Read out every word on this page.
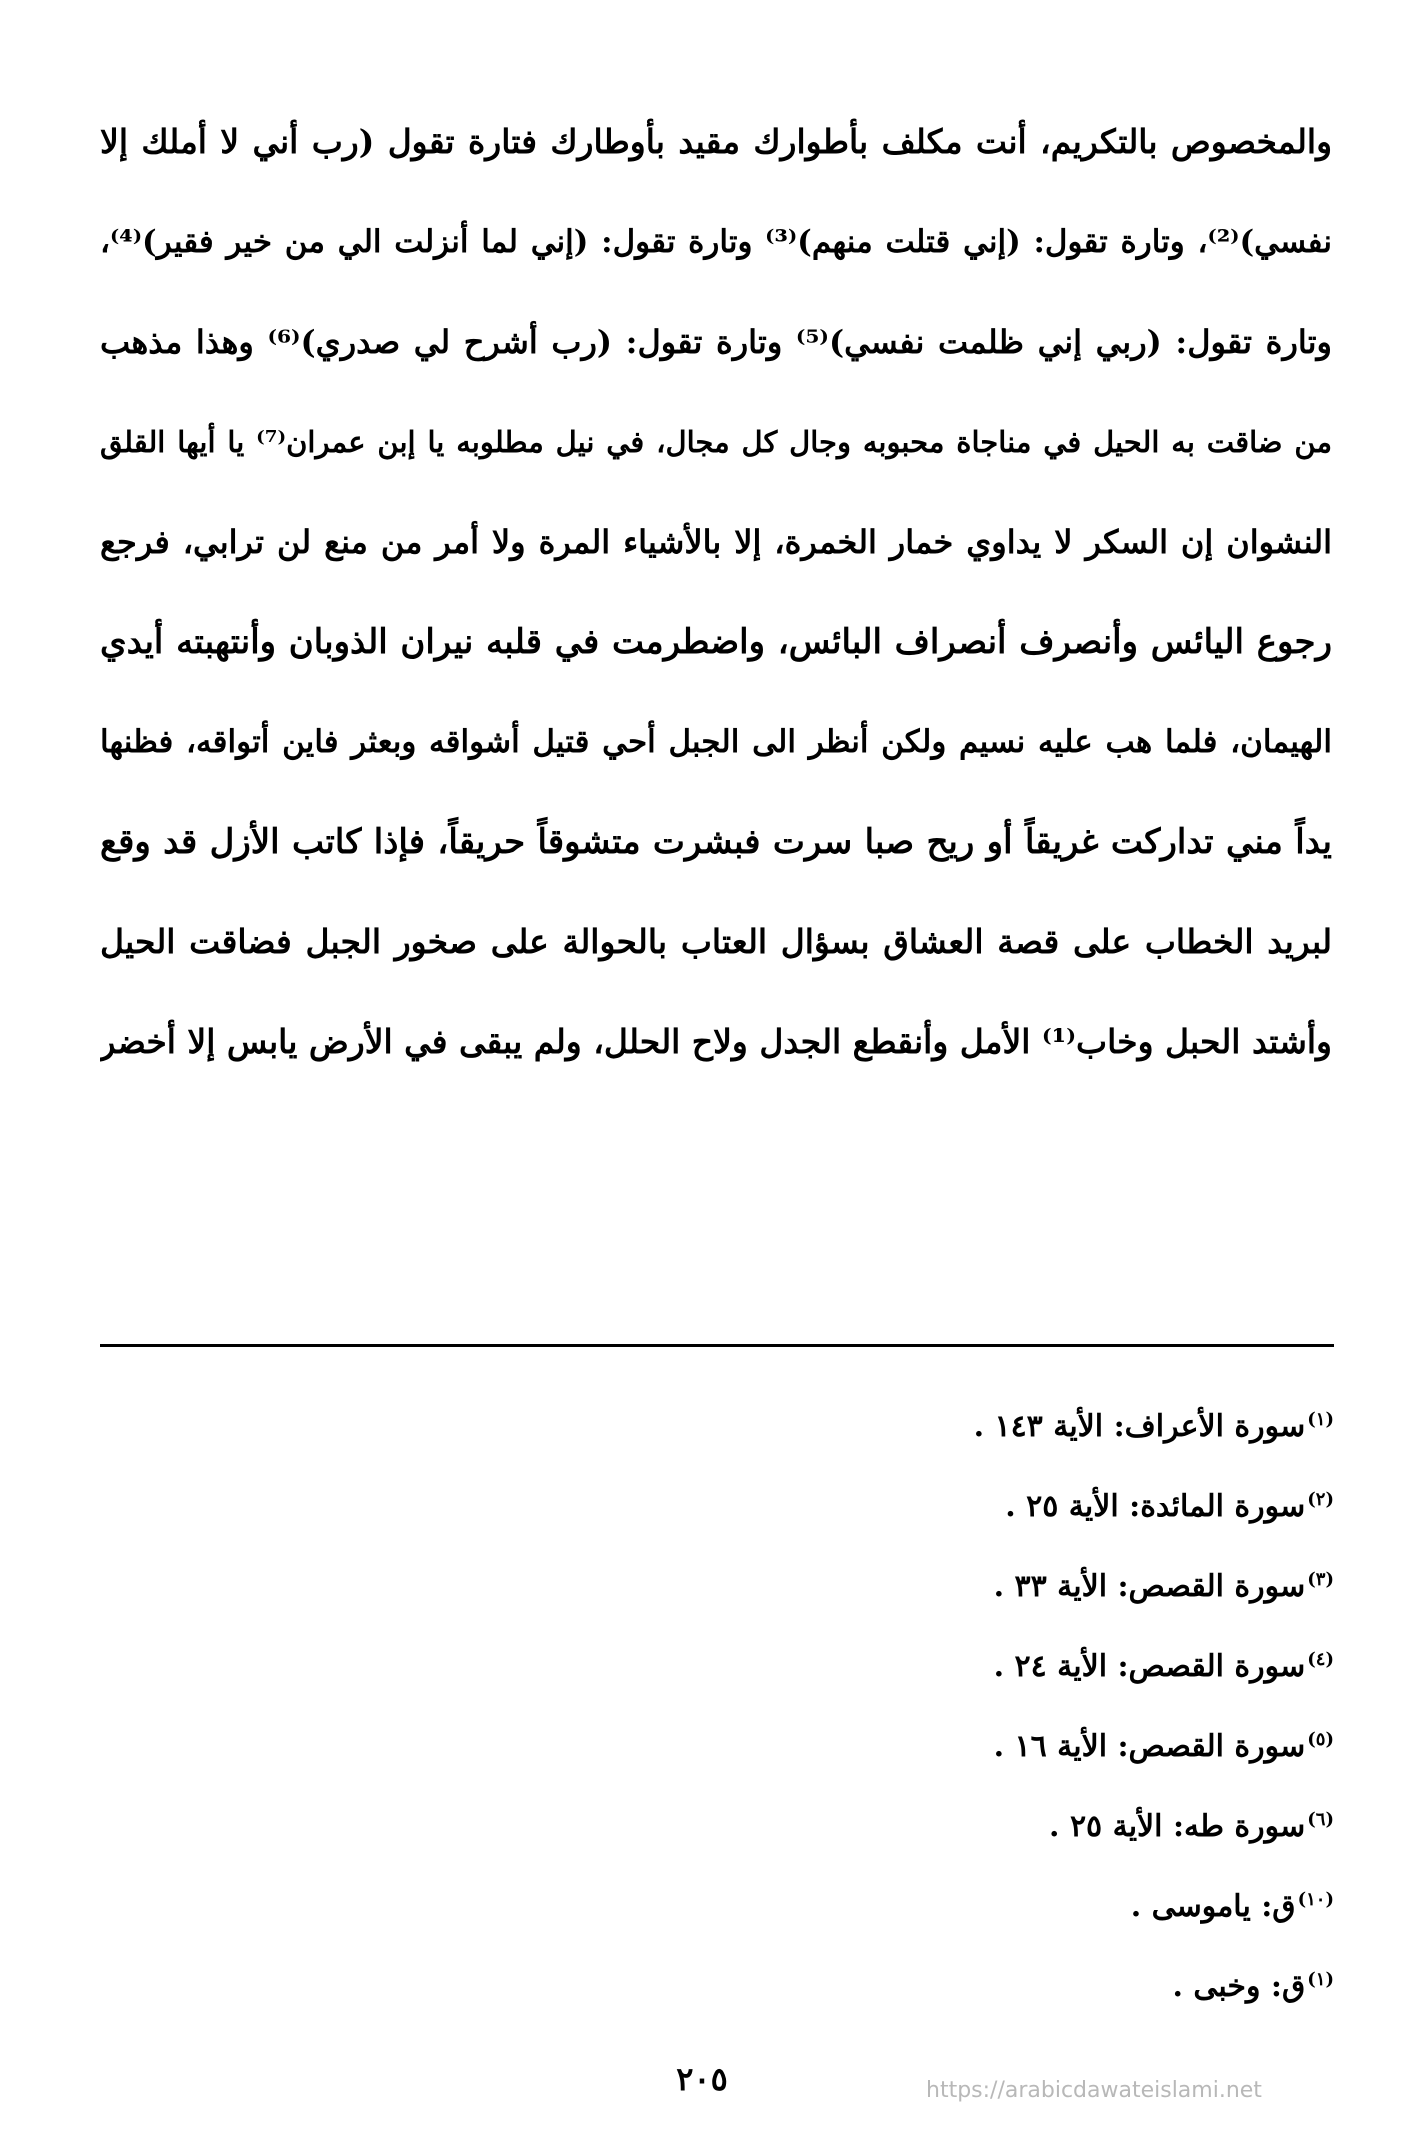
والمخصوص بالتكريم، أنت مكلف بأطوارك مقيد بأوطارك فتارة تقول (رب أني لا أملك إلا
نفسي)⁽²⁾، وتارة تقول: (إني قتلت منهم)⁽³⁾ وتارة تقول: (إني لما أنزلت الي من خير فقير)⁽⁴⁾،
وتارة تقول: (ربي إني ظلمت نفسي)⁽⁵⁾ وتارة تقول: (رب أشرح لي صدري)⁽⁶⁾ وهذا مذهب
من ضاقت به الحيل في مناجاة محبوبه وجال كل مجال، في نيل مطلوبه يا إبن عمران⁽⁷⁾ يا أيها القلق
النشوان إن السكر لا يداوي خمار الخمرة، إلا بالأشياء المرة ولا أمر من منع لن ترابي، فرجع
رجوع اليائس وأنصرف أنصراف البائس، واضطرمت في قلبه نيران الذوبان وأنتهبته أيدي
الهيمان، فلما هب عليه نسيم ولكن أنظر الى الجبل أحي قتيل أشواقه وبعثر فاين أتواقه، فظنها
يداً مني تداركت غريقاً أو ريح صبا سرت فبشرت متشوقاً حريقاً، فإذا كاتب الأزل قد وقع
لبريد الخطاب على قصة العشاق بسؤال العتاب بالحوالة على صخور الجبل فضاقت الحيل
وأشتد الحبل وخاب⁽¹⁾ الأمل وأنقطع الجدل ولاح الحلل، ولم يبقى في الأرض يابس إلا أخضر
$^{(١)}$سورة الأعراف: الأية ١٤٣ .
$^{(٢)}$سورة المائدة: الأية ٢٥ .
$^{(٣)}$سورة القصص: الأية ٣٣ .
$^{(٤)}$سورة القصص: الأية ٢٤ .
$^{(٥)}$سورة القصص: الأية ١٦ .
$^{(٦)}$سورة طه: الأية ٢٥ .
$^{(١٠)}$ق: ياموسى .
$^{(١)}$ق: وخبى .
٢٠٥	https://arabicdawateislami.net
